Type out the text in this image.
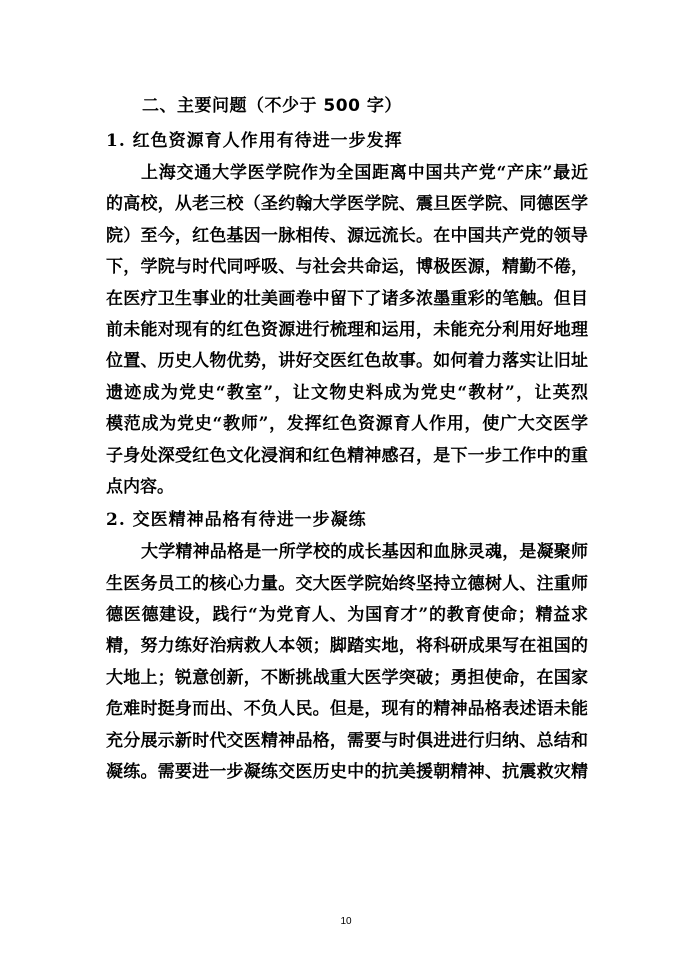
二、主要问题（不少于 500 字）
1. 红色资源育人作用有待进一步发挥

上海交通大学医学院作为全国距离中国共产党“产床”最近
的高校，从老三校（圣约翰大学医学院、震旦医学院、同德医学
院）至今，红色基因一脉相传、源远流长。在中国共产党的领导
下，学院与时代同呼吸、与社会共命运，博极医源，精勤不倦，
在医疗卫生事业的壮美画卷中留下了诸多浓墨重彩的笔触。但目
前未能对现有的红色资源进行梳理和运用，未能充分利用好地理
位置、历史人物优势，讲好交医红色故事。如何着力落实让旧址
遗迹成为党史“教室”，让文物史料成为党史“教材”，让英烈
模范成为党史“教师”，发挥红色资源育人作用，使广大交医学
子身处深受红色文化浸润和红色精神感召，是下一步工作中的重
点内容。

2. 交医精神品格有待进一步凝练

大学精神品格是一所学校的成长基因和血脉灵魂，是凝聚师
生医务员工的核心力量。交大医学院始终坚持立德树人、注重师
德医德建设，践行“为党育人、为国育才”的教育使命；精益求
精，努力练好治病救人本领；脚踏实地，将科研成果写在祖国的
大地上；锐意创新，不断挑战重大医学突破；勇担使命，在国家
危难时挺身而出、不负人民。但是，现有的精神品格表述语未能
充分展示新时代交医精神品格，需要与时俱进进行归纳、总结和
凝练。需要进一步凝练交医历史中的抗美援朝精神、抗震救灾精

10
